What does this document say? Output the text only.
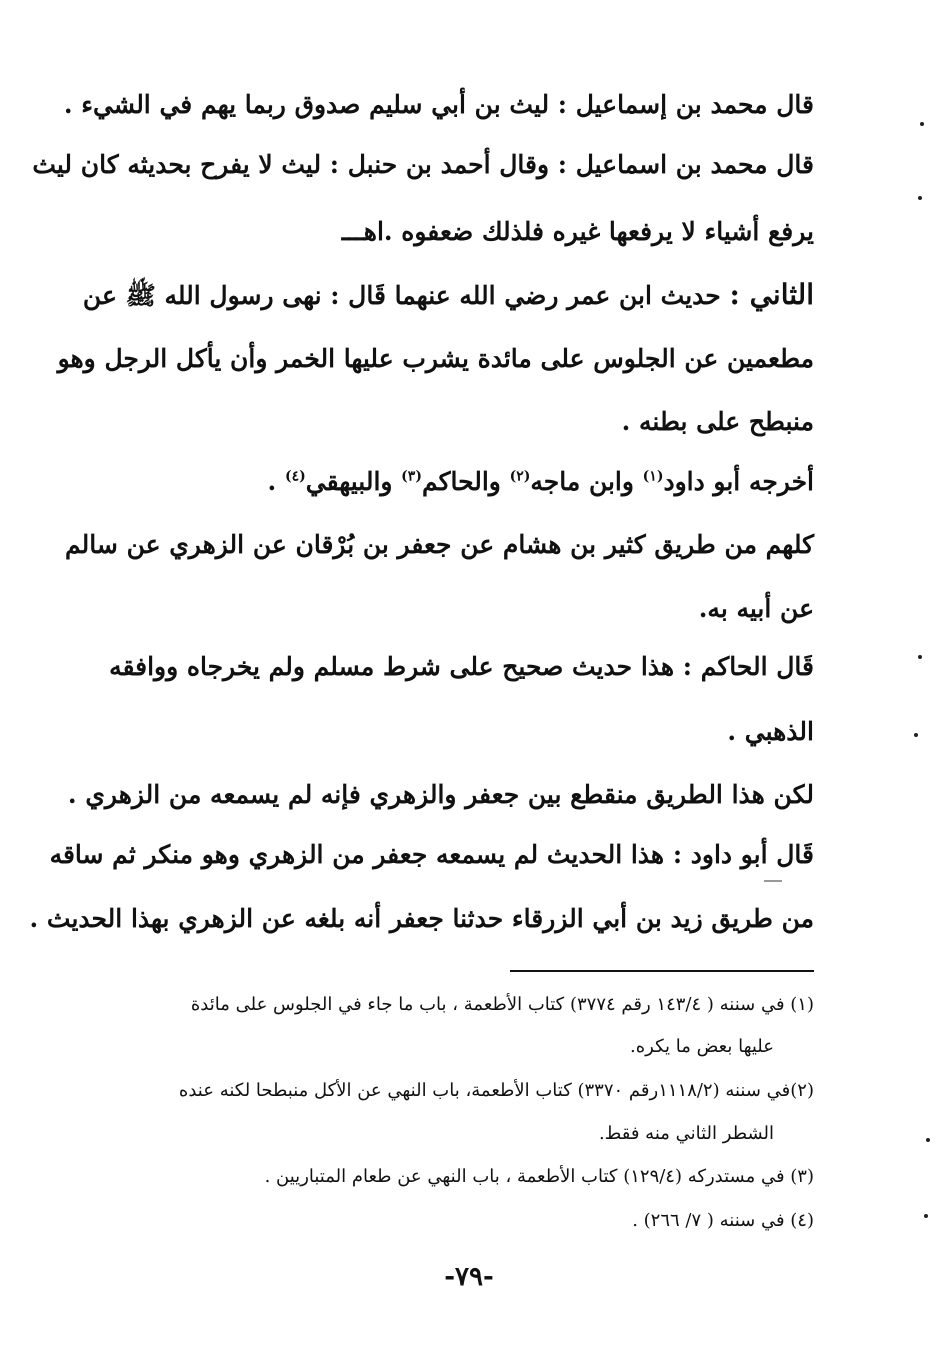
قال محمد بن إسماعيل : ليث بن أبي سليم صدوق ربما يهم في الشيء .
قال محمد بن اسماعيل : وقال أحمد بن حنبل : ليث لا يفرح بحديثه كان ليث
يرفع أشياء لا يرفعها غيره فلذلك ضعفوه .اهـــ
الثاني : حديث ابن عمر رضي الله عنهما قَال : نهى رسول الله ﷺ عن
مطعمين عن الجلوس على مائدة يشرب عليها الخمر وأن يأكل الرجل وهو
منبطح على بطنه .
أخرجه أبو داود$^{(١)}$ وابن ماجه$^{(٢)}$ والحاكم$^{(٣)}$ والبيهقي$^{(٤)}$ .
كلهم من طريق كثير بن هشام عن جعفر بن بُرْقان عن الزهري عن سالم
عن أبيه به.
قَال الحاكم : هذا حديث صحيح على شرط مسلم ولم يخرجاه ووافقه
الذهبي .
لكن هذا الطريق منقطع بين جعفر والزهري فإنه لم يسمعه من الزهري .
قَال أبو داود : هذا الحديث لم يسمعه جعفر من الزهري وهو منكر ثم ساقه
من طريق زيد بن أبي الزرقاء حدثنا جعفر أنه بلغه عن الزهري بهذا الحديث .
(١) في سننه ( ١٤٣/٤ رقم ٣٧٧٤) كتاب الأطعمة ، باب ما جاء في الجلوس على مائدة
عليها بعض ما يكره.
(٢)في سننه (١١١٨/٢رقم ٣٣٧٠) كتاب الأطعمة، باب النهي عن الأكل منبطحا لكنه عنده
الشطر الثاني منه فقط.
(٣) في مستدركه (١٢٩/٤) كتاب الأطعمة ، باب النهي عن طعام المتباريين .
(٤) في سننه ( ٧/ ٢٦٦) .
-٧٩-
